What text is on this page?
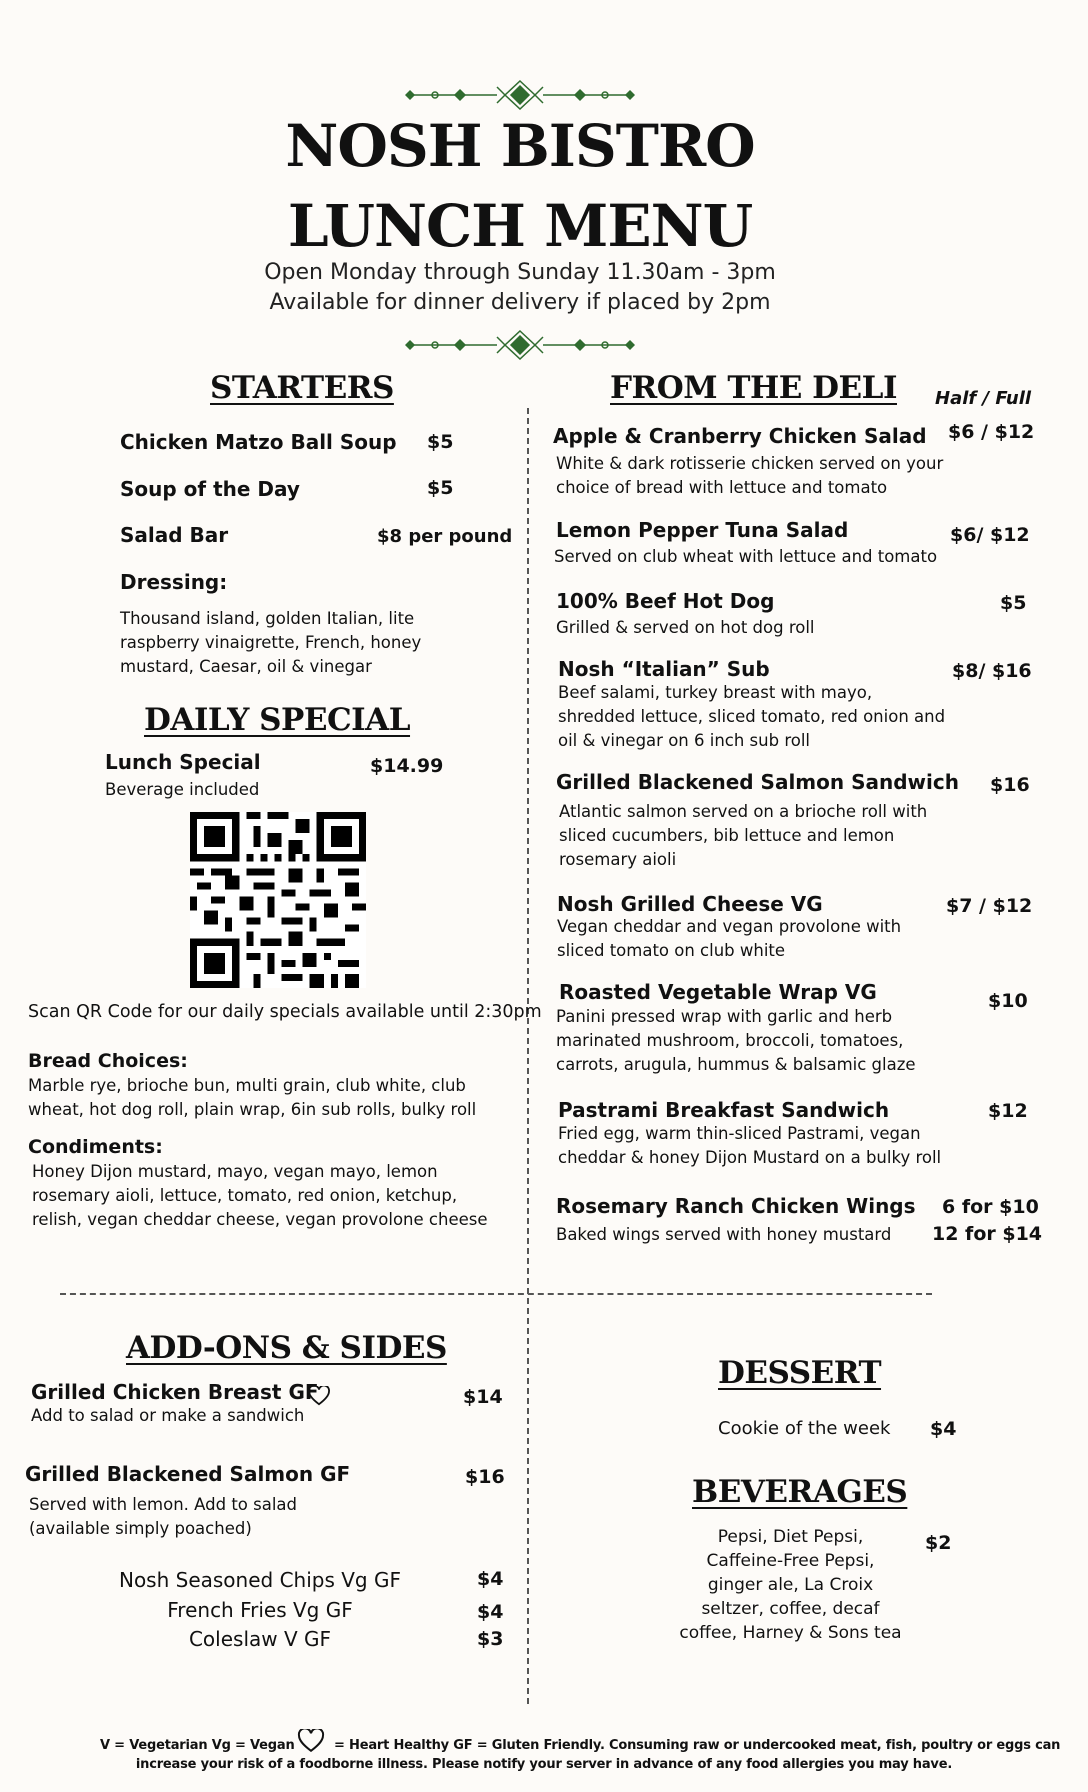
NOSH BISTRO
LUNCH MENU
Open Monday through Sunday 11.30am - 3pm
Available for dinner delivery if placed by 2pm
STARTERS
Chicken Matzo Ball Soup $5
Soup of the Day	$5
Salad Bar	$8 per pound
Dressing:
Thousand island, golden Italian, lite raspberry vinaigrette, French, honey mustard, Caesar, oil & vinegar
DAILY SPECIAL
Lunch Special	$14.99
Beverage included
Scan QR Code for our daily specials available until 2:30pm
Bread Choices:
Marble rye, brioche bun, multi grain, club white, club wheat, hot dog roll, plain wrap, 6in sub rolls, bulky roll
Condiments:
Honey Dijon mustard, mayo, vegan mayo, lemon rosemary aioli, lettuce, tomato, red onion, ketchup, relish, vegan cheddar cheese, vegan provolone cheese
FROM THE DELI Half / Full
Apple & Cranberry Chicken Salad $6 / $12
White & dark rotisserie chicken served on your choice of bread with lettuce and tomato
Lemon Pepper Tuna Salad	$6/ $12
Served on club wheat with lettuce and tomato
100% Beef Hot Dog	$5
Grilled & served on hot dog roll
Nosh “Italian” Sub	$8/ $16
Beef salami, turkey breast with mayo, shredded lettuce, sliced tomato, red onion and oil & vinegar on 6 inch sub roll
Grilled Blackened Salmon Sandwich $16
Atlantic salmon served on a brioche roll with sliced cucumbers, bib lettuce and lemon rosemary aioli
Nosh Grilled Cheese VG	$7 / $12
Vegan cheddar and vegan provolone with sliced tomato on club white
Roasted Vegetable Wrap VG	$10
Panini pressed wrap with garlic and herb marinated mushroom, broccoli, tomatoes, carrots, arugula, hummus & balsamic glaze
Pastrami Breakfast Sandwich	$12
Fried egg, warm thin-sliced Pastrami, vegan cheddar & honey Dijon Mustard on a bulky roll
Rosemary Ranch Chicken Wings 6 for $10
12 for $14
Baked wings served with honey mustard
ADD-ONS & SIDES
Grilled Chicken Breast GF	$14
Add to salad or make a sandwich
Grilled Blackened Salmon GF	$16
Served with lemon. Add to salad
(available simply poached)
Nosh Seasoned Chips Vg GF	$4
French Fries Vg GF	$4
Coleslaw V GF	$3
DESSERT
Cookie of the week $4
BEVERAGES
Pepsi, Diet Pepsi, Caffeine-Free Pepsi, ginger ale, La Croix seltzer, coffee, decaf coffee, Harney & Sons tea
$2
V = Vegetarian Vg = Vegan	= Heart Healthy GF = Gluten Friendly. Consuming raw or undercooked meat, fish, poultry or eggs can
increase your risk of a foodborne illness. Please notify your server in advance of any food allergies you may have.
